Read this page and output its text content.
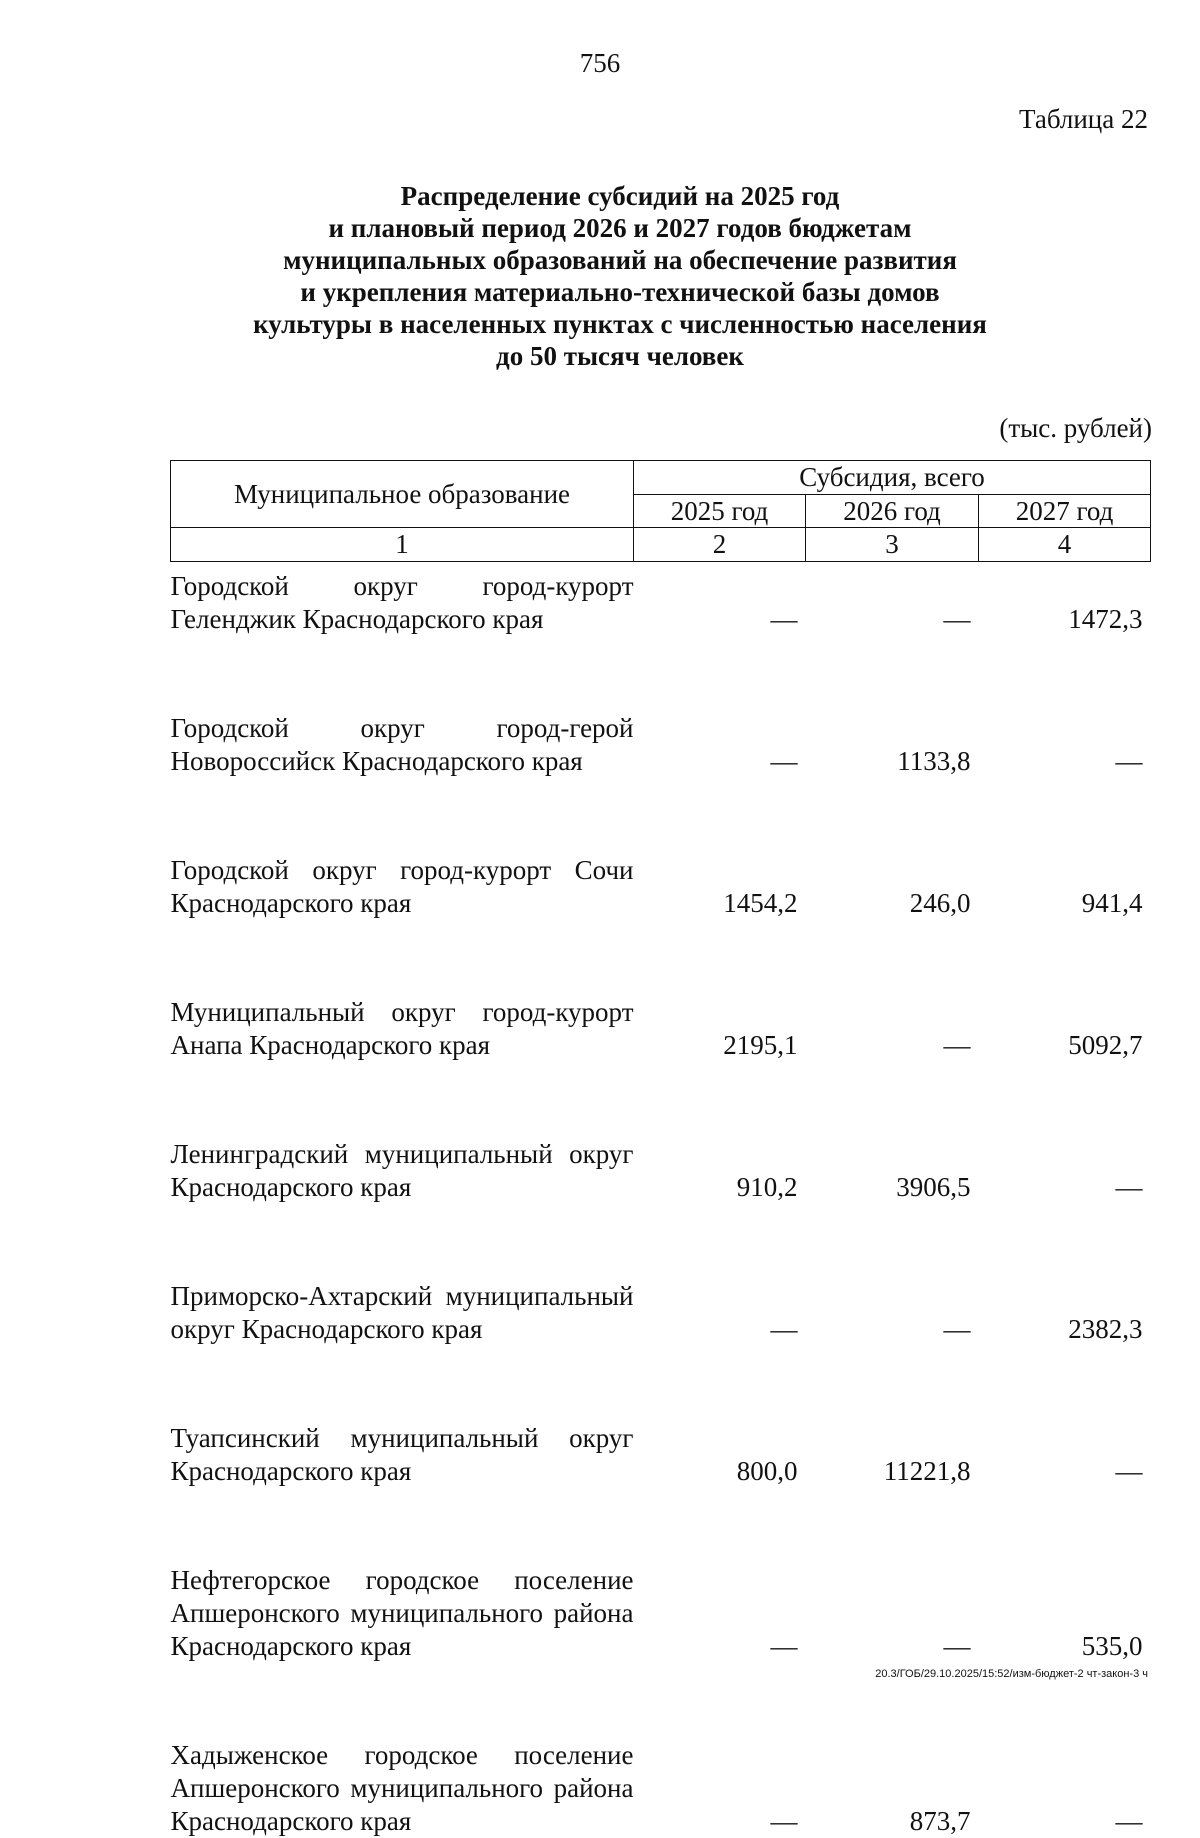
756
Таблица 22
Распределение субсидий на 2025 год
и плановый период 2026 и 2027 годов бюджетам
муниципальных образований на обеспечение развития
и укрепления материально-технической базы домов
культуры в населенных пунктах с численностью населения
до 50 тысяч человек
(тыс. рублей)
Муниципальное образование	Субсидия, всего		
	2025 год	2026 год	2027 год
1	2	3	4
Городской округ город-курорт Геленджик Краснодарского края	—	—	1472,3
Городской округ город-герой Новороссийск Краснодарского края	—	1133,8	—
Городской округ город-курорт Сочи Краснодарского края	1454,2	246,0	941,4
Муниципальный округ город-курорт Анапа Краснодарского края	2195,1	—	5092,7
Ленинградский муниципальный округ Краснодарского края	910,2	3906,5	—
Приморско-Ахтарский муниципальный округ Краснодарского края	—	—	2382,3
Туапсинский муниципальный округ Краснодарского края	800,0	11221,8	—
Нефтегорское городское поселение Апшеронского муниципального района Краснодарского края	—	—	535,0
Хадыженское городское поселение Апшеронского муниципального района Краснодарского края	—	873,7	—
20.3/ГОБ/29.10.2025/15:52/изм-бюджет-2 чт-закон-3 ч
